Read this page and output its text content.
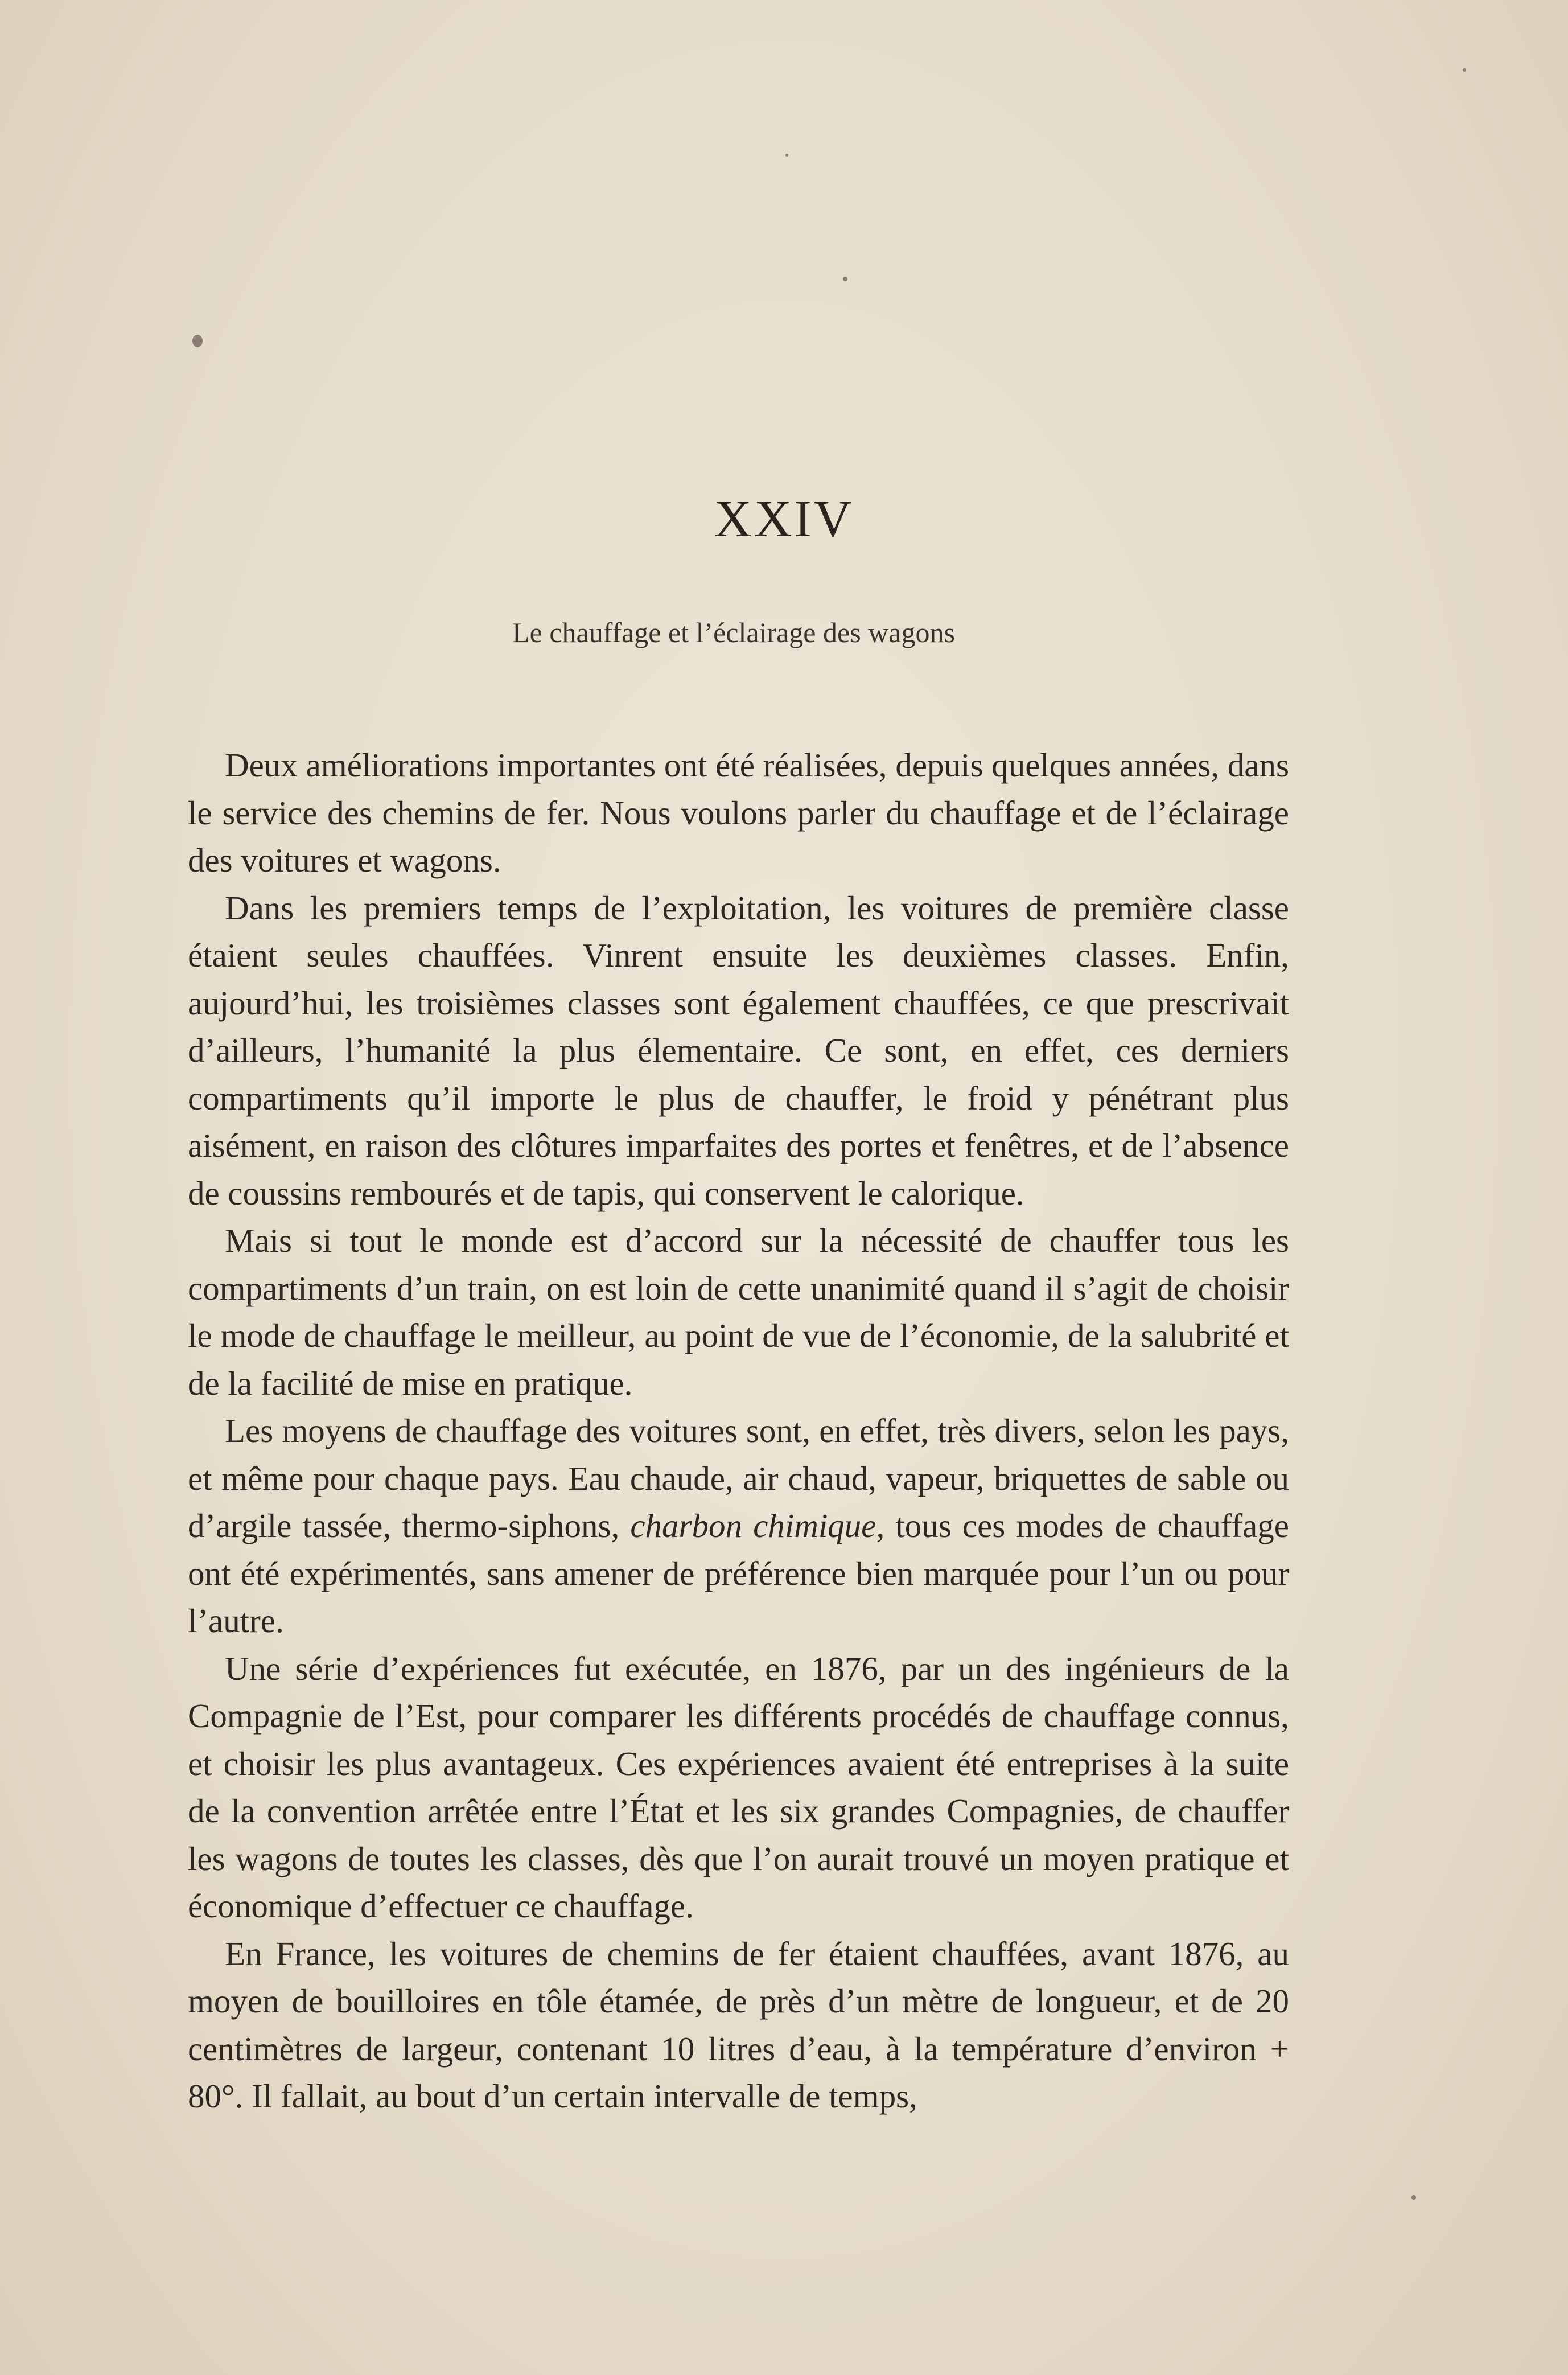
XXIV
Le chauffage et l’éclairage des wagons

Deux améliorations importantes ont été réalisées, depuis quelques années, dans le service des chemins de fer. Nous voulons parler du chauffage et de l’éclairage des voitures et wagons.

Dans les premiers temps de l’exploitation, les voitures de première classe étaient seules chauffées. Vinrent ensuite les deuxièmes classes. Enfin, aujourd’hui, les troisièmes classes sont également chauffées, ce que prescrivait d’ailleurs, l’humanité la plus élementaire. Ce sont, en effet, ces derniers compartiments qu’il importe le plus de chauffer, le froid y pénétrant plus aisément, en raison des clôtures imparfaites des portes et fenêtres, et de l’absence de coussins rembourés et de tapis, qui conservent le calorique.

Mais si tout le monde est d’accord sur la nécessité de chauffer tous les compartiments d’un train, on est loin de cette unanimité quand il s’agit de choisir le mode de chauffage le meilleur, au point de vue de l’économie, de la salubrité et de la facilité de mise en pratique.

Les moyens de chauffage des voitures sont, en effet, très divers, selon les pays, et même pour chaque pays. Eau chaude, air chaud, vapeur, briquettes de sable ou d’argile tassée, thermo-siphons, charbon chimique, tous ces modes de chauffage ont été expérimentés, sans amener de préférence bien marquée pour l’un ou pour l’autre.

Une série d’expériences fut exécutée, en 1876, par un des ingénieurs de la Compagnie de l’Est, pour comparer les différents procédés de chauffage connus, et choisir les plus avantageux. Ces expériences avaient été entreprises à la suite de la convention arrêtée entre l’État et les six grandes Compagnies, de chauffer les wagons de toutes les classes, dès que l’on aurait trouvé un moyen pratique et économique d’effectuer ce chauffage.

En France, les voitures de chemins de fer étaient chauffées, avant 1876, au moyen de bouilloires en tôle étamée, de près d’un mètre de longueur, et de 20 centimètres de largeur, contenant 10 litres d’eau, à la température d’environ + 80°. Il fallait, au bout d’un certain intervalle de temps,
